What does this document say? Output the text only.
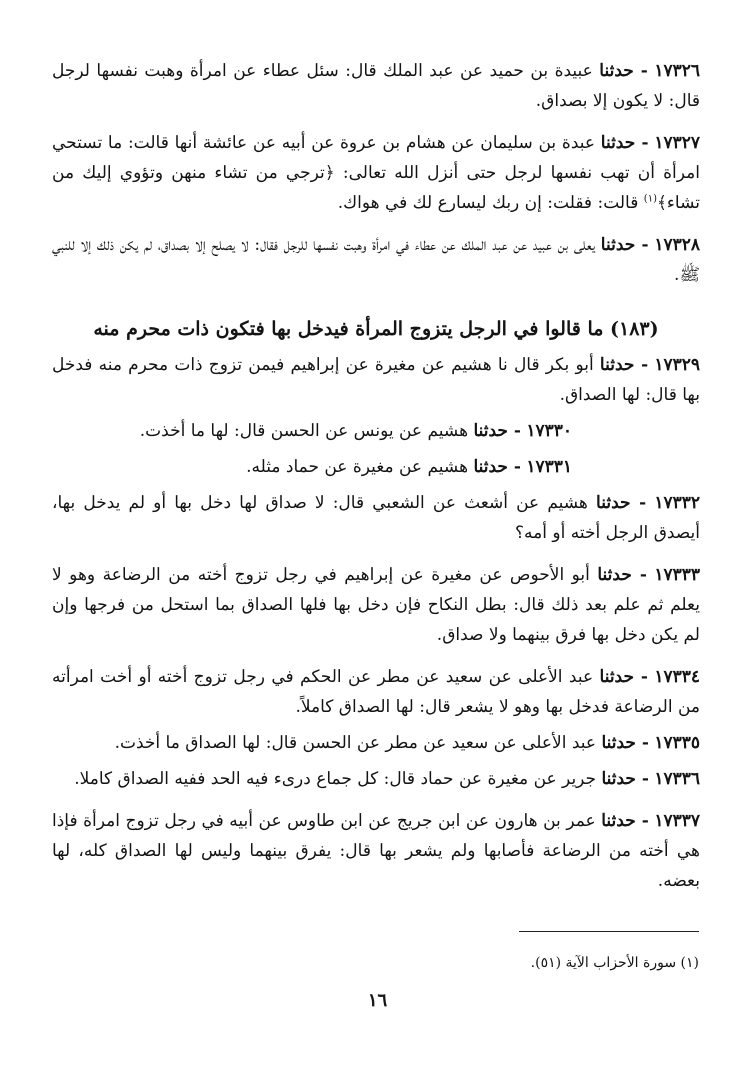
١٧٣٢٦ - حدثنا عبيدة بن حميد عن عبد الملك قال: سئل عطاء عن امرأة وهبت نفسها لرجل قال: لا يكون إلا بصداق.

١٧٣٢٧ - حدثنا عبدة بن سليمان عن هشام بن عروة عن أبيه عن عائشة أنها قالت: ما تستحي امرأة أن تهب نفسها لرجل حتى أنزل الله تعالى: ﴿ترجي من تشاء منهن وتؤوي إليك من تشاء﴾$^{(١)}$ قالت: فقلت: إن ربك ليسارع لك في هواك.

١٧٣٢٨ - حدثنا يعلى بن عبيد عن عبد الملك عن عطاء في امرأة وهبت نفسها للرجل فقال: لا يصلح إلا بصداق، لم يكن ذلك إلا للنبي ﷺ.

(١٨٣) ما قالوا في الرجل يتزوج المرأة فيدخل بها فتكون ذات محرم منه

١٧٣٢٩ - حدثنا أبو بكر قال نا هشيم عن مغيرة عن إبراهيم فيمن تزوج ذات محرم منه فدخل بها قال: لها الصداق.

١٧٣٣٠ - حدثنا هشيم عن يونس عن الحسن قال: لها ما أخذت.

١٧٣٣١ - حدثنا هشيم عن مغيرة عن حماد مثله.

١٧٣٣٢ - حدثنا هشيم عن أشعث عن الشعبي قال: لا صداق لها دخل بها أو لم يدخل بها، أيصدق الرجل أخته أو أمه؟

١٧٣٣٣ - حدثنا أبو الأحوص عن مغيرة عن إبراهيم في رجل تزوج أخته من الرضاعة وهو لا يعلم ثم علم بعد ذلك قال: بطل النكاح فإن دخل بها فلها الصداق بما استحل من فرجها وإن لم يكن دخل بها فرق بينهما ولا صداق.

١٧٣٣٤ - حدثنا عبد الأعلى عن سعيد عن مطر عن الحكم في رجل تزوج أخته أو أخت امرأته من الرضاعة فدخل بها وهو لا يشعر قال: لها الصداق كاملاً.

١٧٣٣٥ - حدثنا عبد الأعلى عن سعيد عن مطر عن الحسن قال: لها الصداق ما أخذت.

١٧٣٣٦ - حدثنا جرير عن مغيرة عن حماد قال: كل جماع درىء فيه الحد ففيه الصداق كاملا.

١٧٣٣٧ - حدثنا عمر بن هارون عن ابن جريج عن ابن طاوس عن أبيه في رجل تزوج امرأة فإذا هي أخته من الرضاعة فأصابها ولم يشعر بها قال: يفرق بينهما وليس لها الصداق كله، لها بعضه.

(١) سورة الأحزاب الآية (٥١).
١٦
